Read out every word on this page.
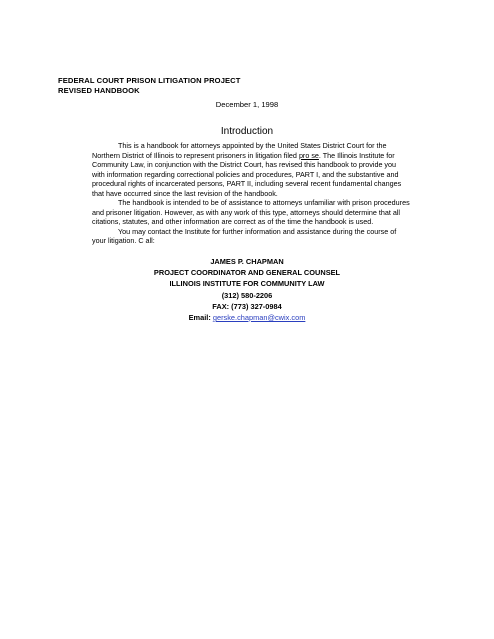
FEDERAL COURT PRISON LITIGATION PROJECT
REVISED HANDBOOK
December 1, 1998
Introduction

This is a handbook for attorneys appointed by the United States District Court for the Northern District of Illinois to represent prisoners in litigation filed pro se. The Illinois Institute for Community Law, in conjunction with the District Court, has revised this handbook to provide you with information regarding correctional policies and procedures, PART I, and the substantive and procedural rights of incarcerated persons, PART II, including several recent fundamental changes that have occurred since the last revision of the handbook.

The handbook is intended to be of assistance to attorneys unfamiliar with prison procedures and prisoner litigation. However, as with any work of this type, attorneys should determine that all citations, statutes, and other information are correct as of the time the handbook is used.

You may contact the Institute for further information and assistance during the course of your litigation. C all:

JAMES P. CHAPMAN
PROJECT COORDINATOR AND GENERAL COUNSEL
ILLINOIS INSTITUTE FOR COMMUNITY LAW
(312) 580-2206
FAX: (773) 327-0984
Email: gerske.chapman@cwix.com
